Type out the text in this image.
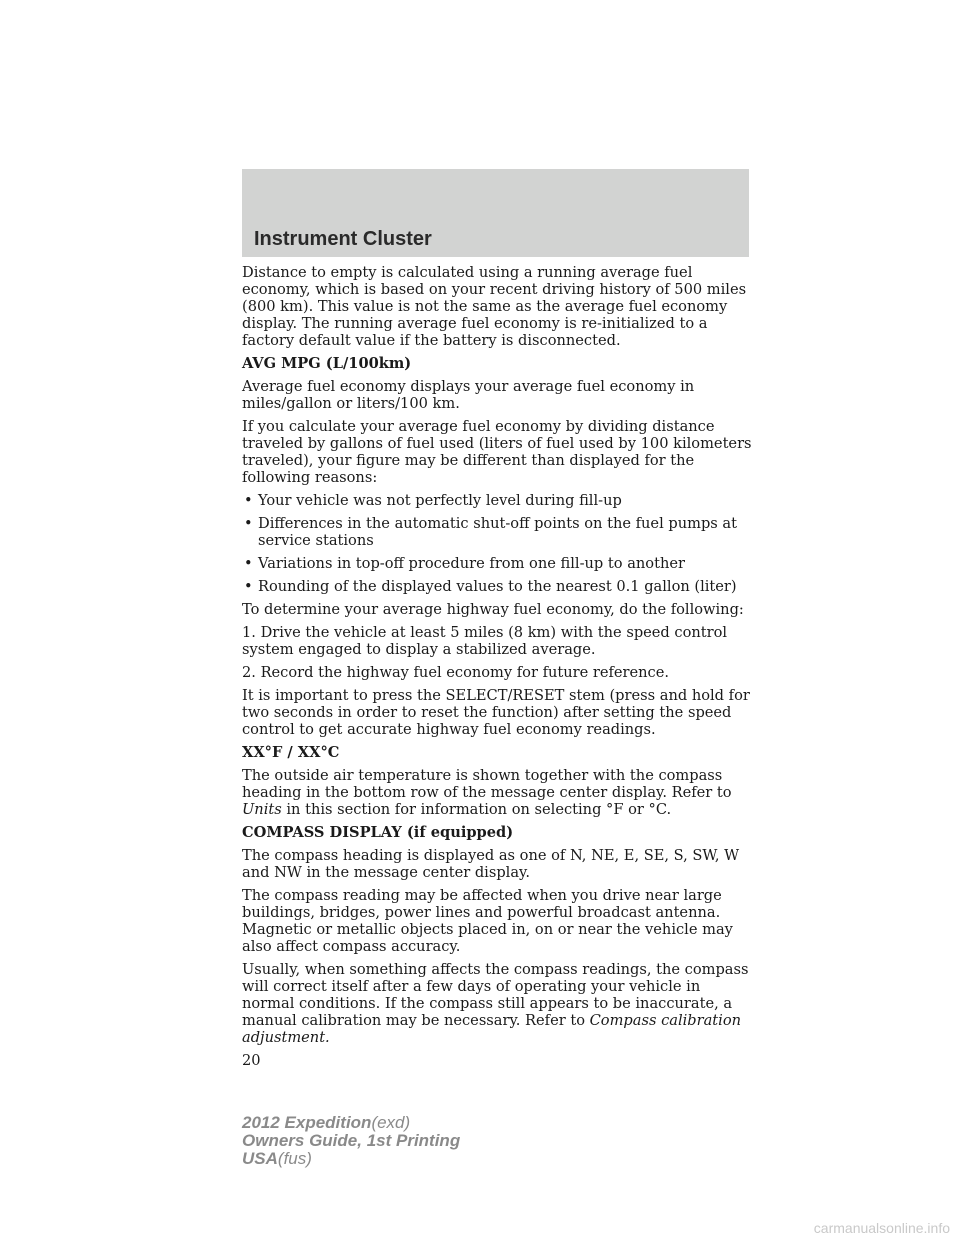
Instrument Cluster

Distance to empty is calculated using a running average fuel economy, which is based on your recent driving history of 500 miles (800 km). This value is not the same as the average fuel economy display. The running average fuel economy is re-initialized to a factory default value if the battery is disconnected.

AVG MPG (L/100km)

Average fuel economy displays your average fuel economy in miles/gallon or liters/100 km.

If you calculate your average fuel economy by dividing distance traveled by gallons of fuel used (liters of fuel used by 100 kilometers traveled), your figure may be different than displayed for the following reasons:

• Your vehicle was not perfectly level during fill-up
• Differences in the automatic shut-off points on the fuel pumps at service stations
• Variations in top-off procedure from one fill-up to another
• Rounding of the displayed values to the nearest 0.1 gallon (liter)

To determine your average highway fuel economy, do the following:

1. Drive the vehicle at least 5 miles (8 km) with the speed control system engaged to display a stabilized average.

2. Record the highway fuel economy for future reference.

It is important to press the SELECT/RESET stem (press and hold for two seconds in order to reset the function) after setting the speed control to get accurate highway fuel economy readings.

XX°F / XX°C

The outside air temperature is shown together with the compass heading in the bottom row of the message center display. Refer to Units in this section for information on selecting °F or °C.

COMPASS DISPLAY (if equipped)

The compass heading is displayed as one of N, NE, E, SE, S, SW, W and NW in the message center display.

The compass reading may be affected when you drive near large buildings, bridges, power lines and powerful broadcast antenna. Magnetic or metallic objects placed in, on or near the vehicle may also affect compass accuracy.

Usually, when something affects the compass readings, the compass will correct itself after a few days of operating your vehicle in normal conditions. If the compass still appears to be inaccurate, a manual calibration may be necessary. Refer to Compass calibration adjustment.

20
2012 Expedition(exd)
Owners Guide, 1st Printing
USA(fus)
carmanualsonline.info
